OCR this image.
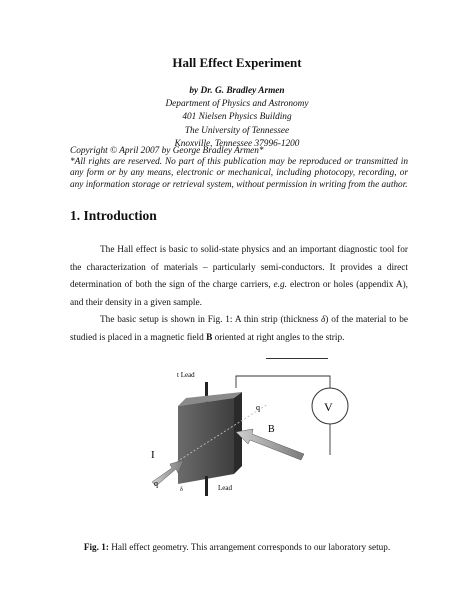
Hall Effect Experiment
by Dr. G. Bradley Armen
Department of Physics and Astronomy
401 Nielsen Physics Building
The University of Tennessee
Knoxville, Tennessee 37996-1200
Copyright © April 2007 by George Bradley Armen*
*All rights are reserved. No part of this publication may be reproduced or transmitted in any form or by any means, electronic or mechanical, including photocopy, recording, or any information storage or retrieval system, without permission in writing from the author.
1. Introduction

The Hall effect is basic to solid-state physics and an important diagnostic tool for the characterization of materials – particularly semi-conductors. It provides a direct determination of both the sign of the charge carriers, e.g. electron or holes (appendix A), and their density in a given sample.

The basic setup is shown in Fig. 1: A thin strip (thickness δ) of the material to be studied is placed in a magnetic field B oriented at right angles to the strip.

t Lead
Lead
q
q
I
B
V
δ
Fig. 1: Hall effect geometry. This arrangement corresponds to our laboratory setup.
